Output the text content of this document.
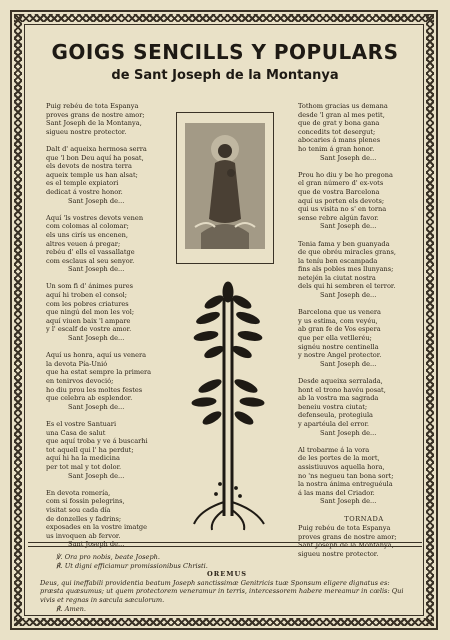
GOIGS SENCILLS Y POPULARS
de Sant Joseph de la Montanya
Puig rebéu de tota Espanya
proves grans de nostre amor;
Sant Joseph de la Montanya,
sigueu nostre protector.
Dalt d' aqueixa hermosa serra
que 'l bon Deu aquí ha posat,
els devots de nostra terra
aqueix temple us han alsat;
es el temple expiatori
dedicat á vostre honor.
Sant Joseph de...
Aquí 'ls vostres devots venen
com colomas al colomar;
els uns cirís us encenen,
altres veuen á pregar;
rebéu d' ells el vassallatge
com esclaus al seu senyor.
Sant Joseph de...
Un som fi d' ánimes pures
aquí hi troben el consol;
com les pobres criatures
que ningú del mon les vol;
aquí viuen baix 'l ampare
y l' escalf de vostre amor.
Sant Joseph de...
Aquí us honra, aquí us venera
la devota Pía-Unió
que ha estat sempre la primera
en tenirvos devoció;
ho diu prou les moltes festes
que celebra ab esplendor.
Sant Joseph de...
Es el vostre Santuari
una Casa de salut
que aquí troba y ve á buscarhi
tot aquell qui l' ha perdut;
aquí hi ha la medicina
per tot mal y tot dolor.
Sant Joseph de...
En devota romería,
com si fossin pelegrins,
visitat sou cada día
de donzelles y fadrins;
exposades en la vostre imatge
us invoquen ab fervor.
Sant Joseph de...
Tothom gracias us demana
desde 'l gran al mes petit,
que de grat y bona gana
concedits tot desergut;
abocaries á mans plenes
ho tenim á gran honor.
Sant Joseph de...
Prou ho diu y be ho pregona
el gran número d' ex-vots
que de vostra Barcelona
aquí us porten els devots;
qui us visita no s' en torna
sense rebre algún favor.
Sant Joseph de...
Tenia fama y ben guanyada
de que obréu miracles grans,
la teníu ben escampada
fins als pobles mes llunyans;
netején la ciutat nostra
dels qui hi sembren el terror.
Sant Joseph de...
Barcelona que us venera
y us estima, com veyéu,
ab gran fe de Vos espera
que per ella vetlleréu;
signéu nostre centinella
y nostre Angel protector.
Sant Joseph de...
Desde aqueixa serralada,
hont el trono havéu posat,
ab la vostra ma sagrada
beneiu vostra ciutat;
defenseula, protegiula
y apartéula del error.
Sant Joseph de...
Al trobarme á la vora
de les portes de la mort,
assistiuuvos aquella hora,
no 'ns negueu tan bona sort;
la nostra ánima entreguéula
á las mans del Criador.
Sant Joseph de...
TORNADA
Puig rebéu de tota Espanya
proves grans de nostre amor;
Sant Joseph de la Montanya,
sigueu nostre protector.
℣. Ora pro nobis, beate Joseph.
℟. Ut digni efficiamur promissionibus Christi.
OREMUS
Deus, qui ineffabili providentia beatum Joseph sanctissimæ Genitricis tuæ Sponsum eligere dignatus es: præsta quæsumus; ut quem protectorem veneramur in terris, intercessorem habere mereamur in cœlis: Qui vivis et regnas in sæcula sæculorum.
℟. Amen.
